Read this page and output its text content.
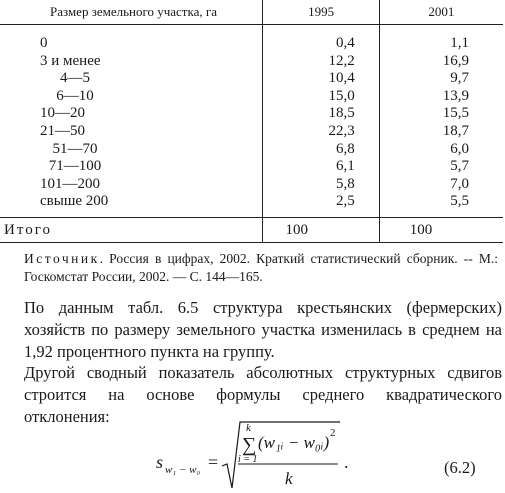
Размер земельного участка, га	1995	2001

0	0,4	1,1
3 и менее	12,2	16,9
4—5	10,4	9,7
6—10	15,0	13,9
10—20	18,5	15,5
21—50	22,3	18,7
51—70	6,8	6,0
71—100	6,1	5,7
101—200	5,8	7,0
свыше 200	2,5	5,5

Итого	100	100
Источник. Россия в цифрах, 2002. Краткий статистический сборник. -- М.: Госкомстат России, 2002. — С. 144—165.
По данным табл. 6.5 структура крестьянских (фермерских) хозяйств по размеру земельного участка изменилась в среднем на 1,92 процентного пункта на группу.
Другой сводный показатель абсолютных структурных сдвигов строится на основе формулы среднего квадратического отклонения:
s w₁ − w₀ =
k
∑
i = 1
(w₁ᵢ − w₀ᵢ) 2
k
.	(6.2)
